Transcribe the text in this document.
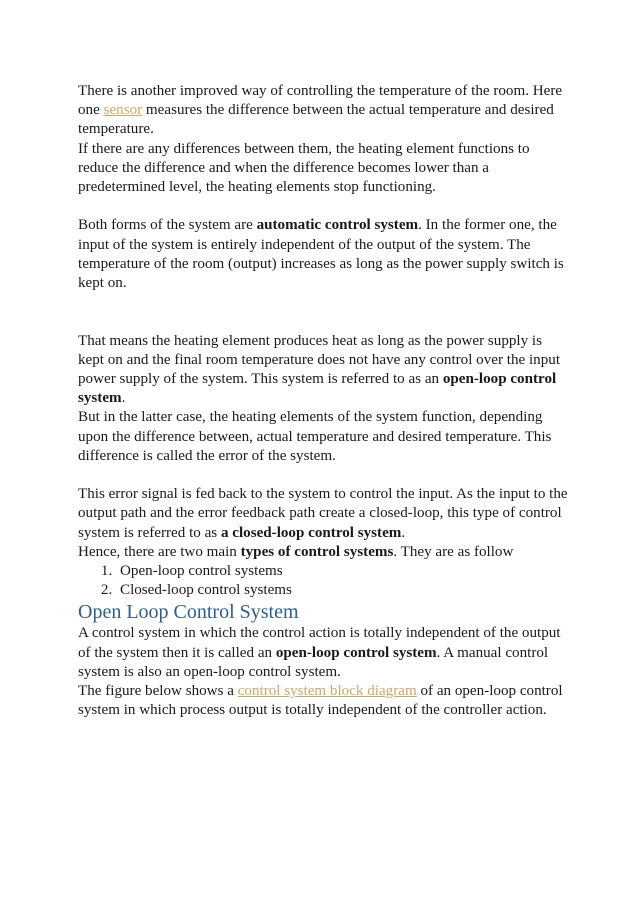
There is another improved way of controlling the temperature of the room. Here one sensor measures the difference between the actual temperature and desired temperature.

If there are any differences between them, the heating element functions to reduce the difference and when the difference becomes lower than a predetermined level, the heating elements stop functioning.

Both forms of the system are automatic control system. In the former one, the input of the system is entirely independent of the output of the system. The temperature of the room (output) increases as long as the power supply switch is kept on.

That means the heating element produces heat as long as the power supply is kept on and the final room temperature does not have any control over the input power supply of the system. This system is referred to as an open-loop control system.

But in the latter case, the heating elements of the system function, depending upon the difference between, actual temperature and desired temperature. This difference is called the error of the system.

This error signal is fed back to the system to control the input. As the input to the output path and the error feedback path create a closed-loop, this type of control system is referred to as a closed-loop control system.

Hence, there are two main types of control systems. They are as follow

1. Open-loop control systems
2. Closed-loop control systems
Open Loop Control System

A control system in which the control action is totally independent of the output of the system then it is called an open-loop control system. A manual control system is also an open-loop control system.

The figure below shows a control system block diagram of an open-loop control system in which process output is totally independent of the controller action.
